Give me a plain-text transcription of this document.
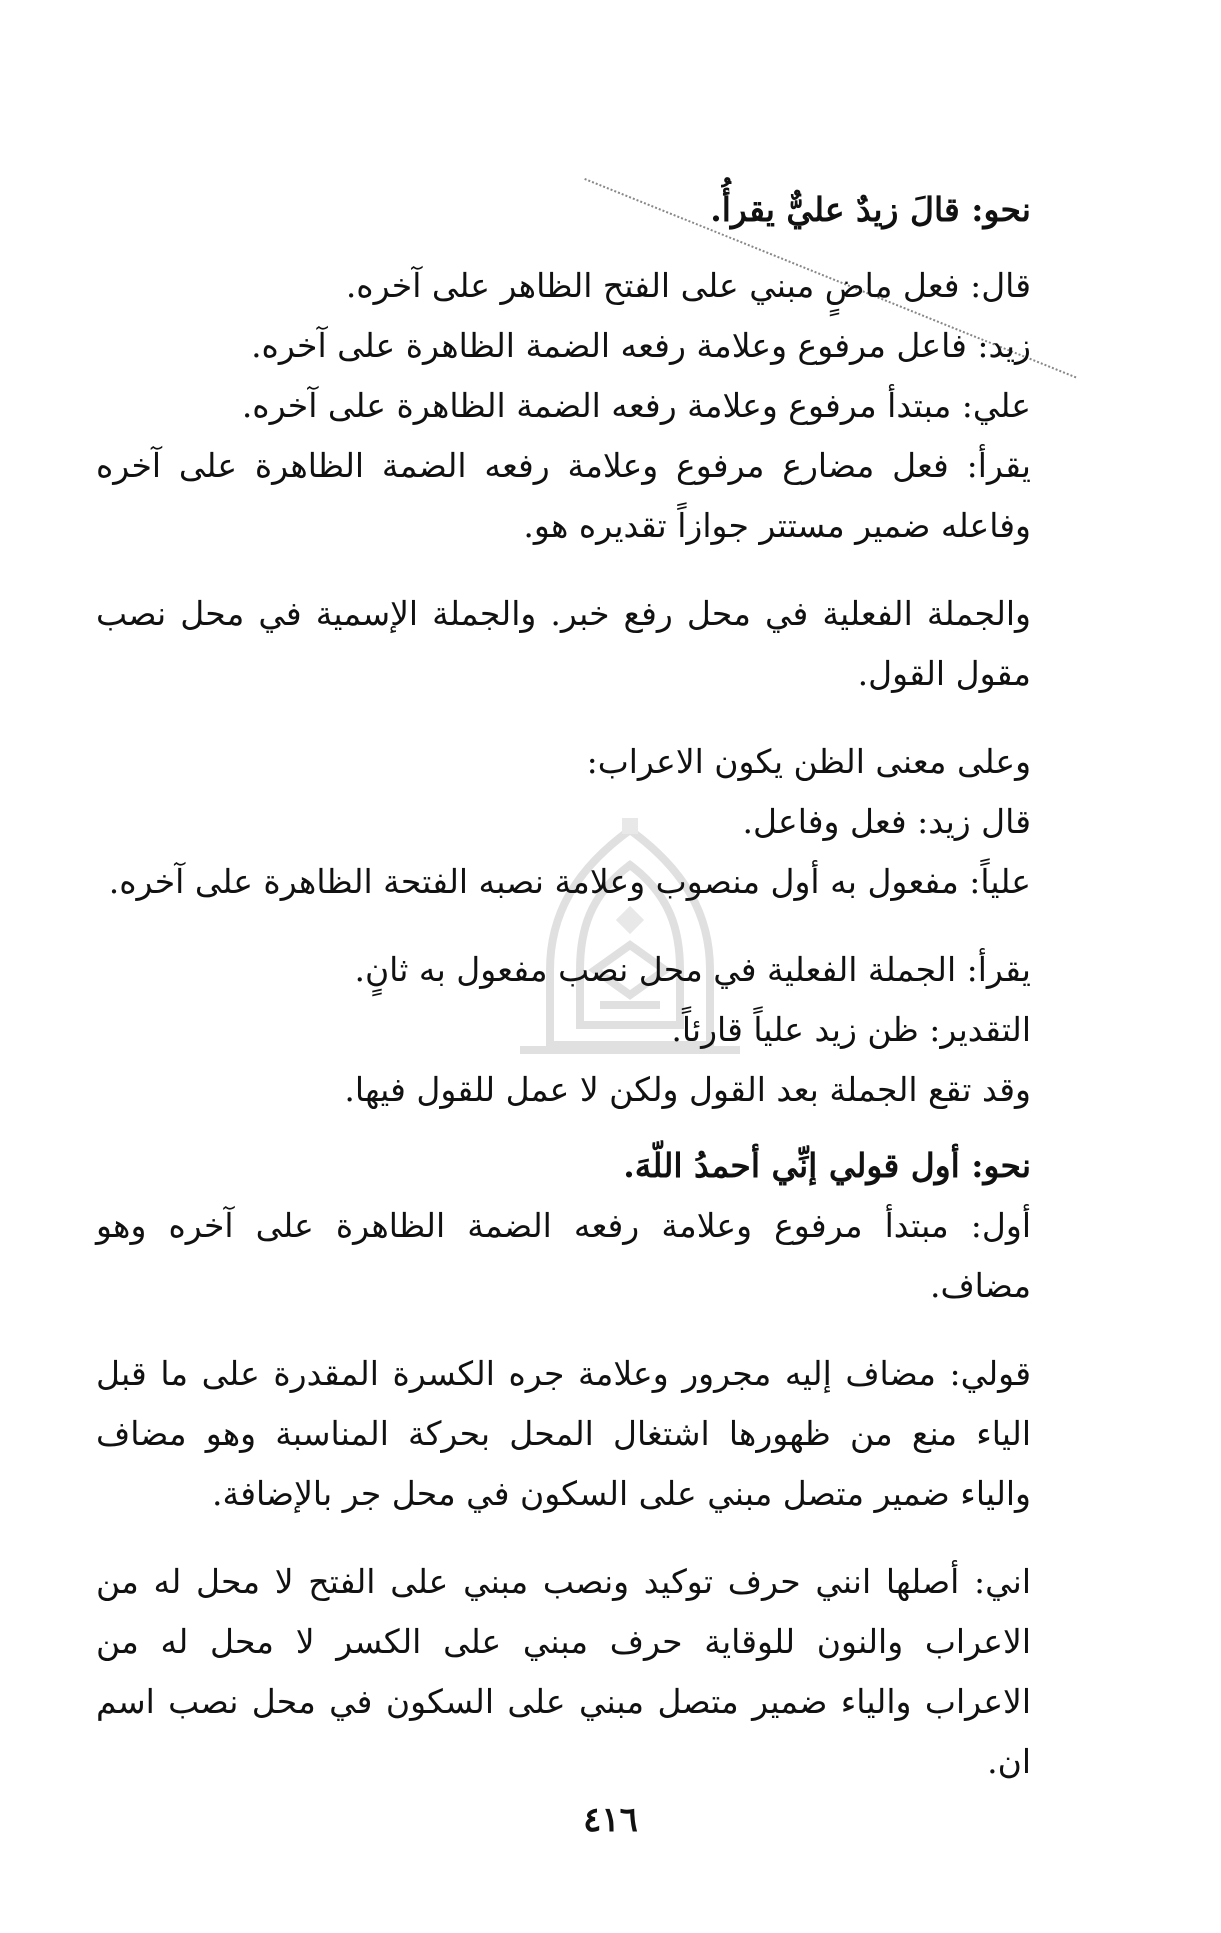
نحو: قالَ زيدٌ عليٌّ يقرأُ.

قال: فعل ماضٍ مبني على الفتح الظاهر على آخره.

زيد: فاعل مرفوع وعلامة رفعه الضمة الظاهرة على آخره.

علي: مبتدأ مرفوع وعلامة رفعه الضمة الظاهرة على آخره.

يقرأ: فعل مضارع مرفوع وعلامة رفعه الضمة الظاهرة على آخره وفاعله ضمير مستتر جوازاً تقديره هو.

والجملة الفعلية في محل رفع خبر. والجملة الإسمية في محل نصب مقول القول.

وعلى معنى الظن يكون الاعراب:

قال زيد: فعل وفاعل.

علياً: مفعول به أول منصوب وعلامة نصبه الفتحة الظاهرة على آخره.

يقرأ: الجملة الفعلية في محل نصب مفعول به ثانٍ.

التقدير: ظن زيد علياً قارئاً.

وقد تقع الجملة بعد القول ولكن لا عمل للقول فيها.

نحو: أول قولي إنِّي أحمدُ اللّهَ.

أول: مبتدأ مرفوع وعلامة رفعه الضمة الظاهرة على آخره وهو مضاف.

قولي: مضاف إليه مجرور وعلامة جره الكسرة المقدرة على ما قبل الياء منع من ظهورها اشتغال المحل بحركة المناسبة وهو مضاف والياء ضمير متصل مبني على السكون في محل جر بالإضافة.

اني: أصلها انني حرف توكيد ونصب مبني على الفتح لا محل له من الاعراب والنون للوقاية حرف مبني على الكسر لا محل له من الاعراب والياء ضمير متصل مبني على السكون في محل نصب اسم ان.

٤١٦
